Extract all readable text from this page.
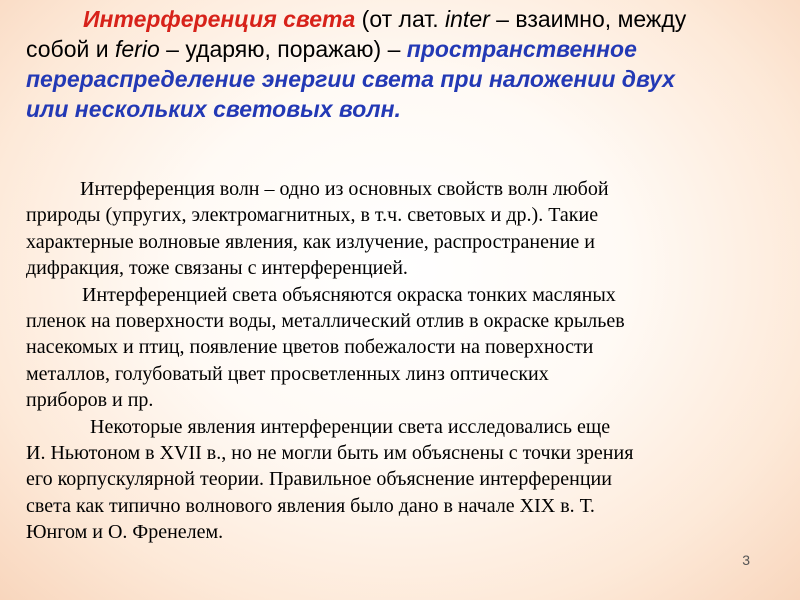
Интерференция света (от лат. inter – взаимно, между
собой и ferio – ударяю, поражаю) – пространственное
перераспределение энергии света при наложении двух
или нескольких световых волн.

Интерференция волн – одно из основных свойств волн любой
природы (упругих, электромагнитных, в т.ч. световых и др.). Такие
характерные волновые явления, как излучение, распространение и
дифракция, тоже связаны с интерференцией.
Интерференцией света объясняются окраска тонких масляных
пленок на поверхности воды, металлический отлив в окраске крыльев
насекомых и птиц, появление цветов побежалости на поверхности
металлов, голубоватый цвет просветленных линз оптических
приборов и пр.
Некоторые явления интерференции света исследовались еще
И. Ньютоном в XVII в., но не могли быть им объяснены с точки зрения
его корпускулярной теории. Правильное объяснение интерференции
света как типично волнового явления было дано в начале XIX в. Т.
Юнгом и О. Френелем.
3
